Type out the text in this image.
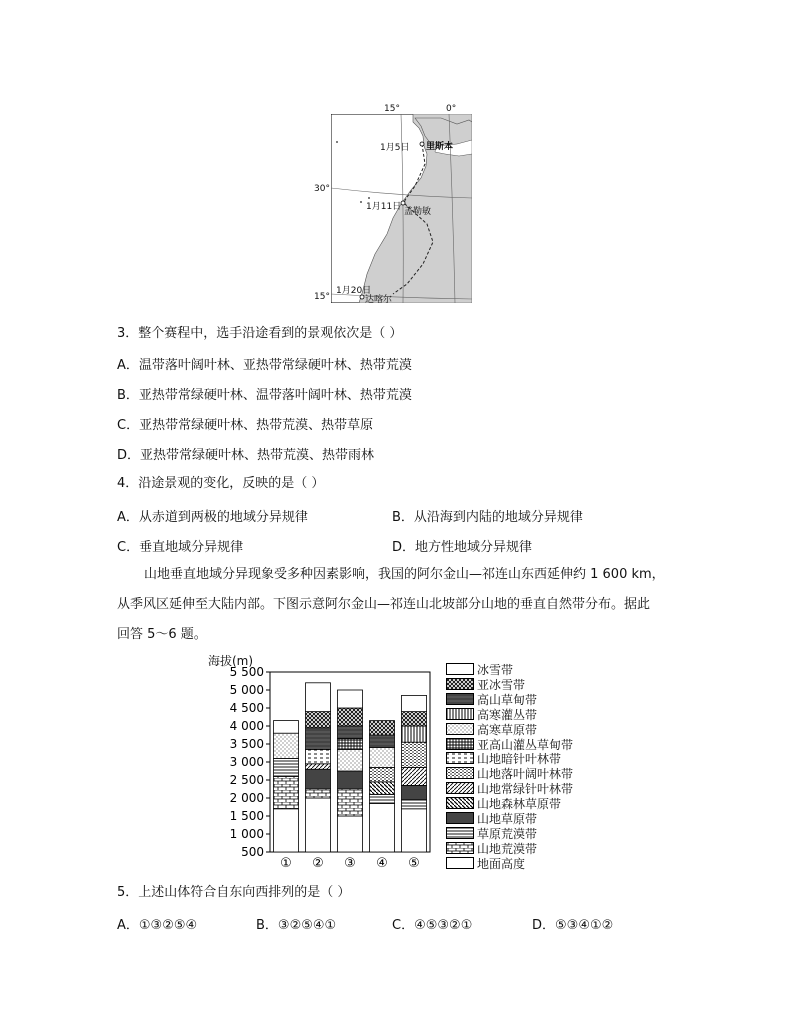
15°	0°
30°
15°
1月5日 里斯本
1月11日 盖勒敏
1月20日
达喀尔
3．整个赛程中，选手沿途看到的景观依次是（ ）
A．温带落叶阔叶林、亚热带常绿硬叶林、热带荒漠
B．亚热带常绿硬叶林、温带落叶阔叶林、热带荒漠
C．亚热带常绿硬叶林、热带荒漠、热带草原
D．亚热带常绿硬叶林、热带荒漠、热带雨林
4．沿途景观的变化，反映的是（ ）
A．从赤道到两极的地域分异规律	B．从沿海到内陆的地域分异规律
C．垂直地域分异规律	D．地方性地域分异规律
山地垂直地域分异现象受多种因素影响，我国的阿尔金山—祁连山东西延伸约 1 600 km，
从季风区延伸至大陆内部。下图示意阿尔金山—祁连山北坡部分山地的垂直自然带分布。据此
回答 5～6 题。
海拔(m)
5 500
5 000
4 500
4 000
3 500
3 000
2 500
2 000
1 500
1 000
500
① ② ③ ④ ⑤
冰雪带
亚冰雪带
高山草甸带
高寒灌丛带
高寒草原带
亚高山灌丛草甸带
山地暗针叶林带
山地落叶阔叶林带
山地常绿针叶林带
山地森林草原带
山地草原带
草原荒漠带
山地荒漠带
地面高度
5．上述山体符合自东向西排列的是（ ）
A．①③②⑤④	B．③②⑤④①	C．④⑤③②①	D．⑤③④①②
